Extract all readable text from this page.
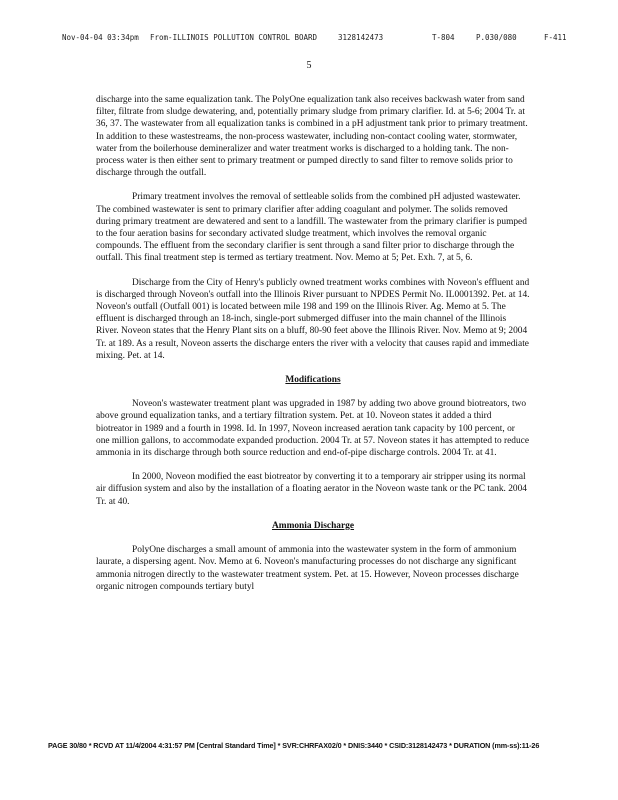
Nov-04-04 03:34pm From-ILLINOIS POLLUTION CONTROL BOARD	3128142473	T-804	P.030/080	F-411
5

discharge into the same equalization tank. The PolyOne equalization tank also receives backwash water from sand filter, filtrate from sludge dewatering, and, potentially primary sludge from primary clarifier. Id. at 5-6; 2004 Tr. at 36, 37. The wastewater from all equalization tanks is combined in a pH adjustment tank prior to primary treatment. In addition to these wastestreams, the non-process wastewater, including non-contact cooling water, stormwater, water from the boilerhouse demineralizer and water treatment works is discharged to a holding tank. The non-process water is then either sent to primary treatment or pumped directly to sand filter to remove solids prior to discharge through the outfall.

Primary treatment involves the removal of settleable solids from the combined pH adjusted wastewater. The combined wastewater is sent to primary clarifier after adding coagulant and polymer. The solids removed during primary treatment are dewatered and sent to a landfill. The wastewater from the primary clarifier is pumped to the four aeration basins for secondary activated sludge treatment, which involves the removal organic compounds. The effluent from the secondary clarifier is sent through a sand filter prior to discharge through the outfall. This final treatment step is termed as tertiary treatment. Nov. Memo at 5; Pet. Exh. 7, at 5, 6.

Discharge from the City of Henry's publicly owned treatment works combines with Noveon's effluent and is discharged through Noveon's outfall into the Illinois River pursuant to NPDES Permit No. IL0001392. Pet. at 14. Noveon's outfall (Outfall 001) is located between mile 198 and 199 on the Illinois River. Ag. Memo at 5. The effluent is discharged through an 18-inch, single-port submerged diffuser into the main channel of the Illinois River. Noveon states that the Henry Plant sits on a bluff, 80-90 feet above the Illinois River. Nov. Memo at 9; 2004 Tr. at 189. As a result, Noveon asserts the discharge enters the river with a velocity that causes rapid and immediate mixing. Pet. at 14.

Modifications

Noveon's wastewater treatment plant was upgraded in 1987 by adding two above ground biotreators, two above ground equalization tanks, and a tertiary filtration system. Pet. at 10. Noveon states it added a third biotreator in 1989 and a fourth in 1998. Id. In 1997, Noveon increased aeration tank capacity by 100 percent, or one million gallons, to accommodate expanded production. 2004 Tr. at 57. Noveon states it has attempted to reduce ammonia in its discharge through both source reduction and end-of-pipe discharge controls. 2004 Tr. at 41.

In 2000, Noveon modified the east biotreator by converting it to a temporary air stripper using its normal air diffusion system and also by the installation of a floating aerator in the Noveon waste tank or the PC tank. 2004 Tr. at 40.

Ammonia Discharge

PolyOne discharges a small amount of ammonia into the wastewater system in the form of ammonium laurate, a dispersing agent. Nov. Memo at 6. Noveon's manufacturing processes do not discharge any significant ammonia nitrogen directly to the wastewater treatment system. Pet. at 15. However, Noveon processes discharge organic nitrogen compounds tertiary butyl

PAGE 30/80 * RCVD AT 11/4/2004 4:31:57 PM [Central Standard Time] * SVR:CHRFAX02/0 * DNIS:3440 * CSID:3128142473 * DURATION (mm-ss):11-26
